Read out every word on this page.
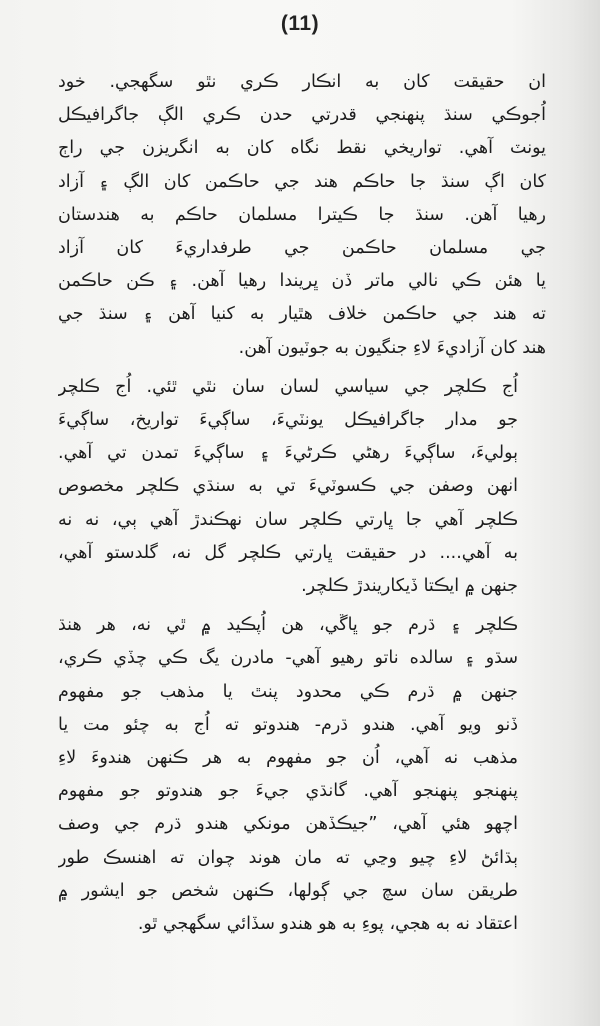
(11)
ان حقيقت کان به انڪار ڪري نٿو سگهجي. خود
اُجوڪي سنڌ پنهنجي قدرتي حدن ڪري الڳ جاگرافيڪل
يونٽ آهي. تواريخي نقط نگاه کان به انگريزن جي راڄ
کان اڳ سنڌ جا حاڪم هند جي حاڪمن کان الڳ ۽ آزاد
رهيا آهن. سنڌ جا ڪيترا مسلمان حاڪم به هندستان
جي مسلمان حاڪمن جي طرفداريءَ کان آزاد
يا هئن ڪي نالي ماتر ڏن ڀريندا رهيا آهن. ۽ ڪن حاڪمن
ته هند جي حاڪمن خلاف هٿيار به کنيا آهن ۽ سنڌ جي
هند کان آزاديءَ لاءِ جنگيون به جوٽيون آهن.
اُج ڪلچر جي سياسي لسان سان نٿي ٿئي. اُج ڪلچر
جو مدار جاگرافيڪل يونٽيءَ، ساڳيءَ تواريخ، ساڳيءَ
ٻوليءَ، ساڳيءَ رهڻي ڪرڻيءَ ۽ ساڳيءَ تمدن تي آهي.
انهن وصفن جي ڪسوٽيءَ تي به سنڌي ڪلچر مخصوص
ڪلچر آهي جا ڀارتي ڪلچر سان نهڪندڙ آهي ٻي، نه نه
به آهي.... در حقيقت ڀارتي ڪلچر گل نه، گلدستو آهي،
جنهن ۾ ايڪتا ڏيکاريندڙ ڪلچر.
ڪلچر ۽ ڌرم جو ڀاڱي، هن اُپڪيد ۾ ٿي نه، هر هنڌ
سڌو ۽ سالده ناتو رهيو آهي- مادرن يگ ڪي چڏي ڪري،
جنهن ۾ ڌرم ڪي محدود پنٿ يا مذهب جو مفهوم
ڏنو ويو آهي. هندو ڌرم- هندوتو ته اُج به چئو مت يا
مذهب نه آهي، اُن جو مفهوم به هر ڪنهن هندوءَ لاءِ
پنهنجو پنهنجو آهي. گانڌي جيءَ جو هندوتو جو مفهوم
اچهو هئي آهي، ”جيڪڏهن مونکي هندو ڌرم جي وصف
ٻڌائڻ لاءِ چيو وڃي ته مان هوند چوان ته اهنسڪ طور
طريقن سان سچ جي ڳولها، ڪنهن شخص جو ايشور ۾
اعتقاد نه به هجي، پوءِ به هو هندو سڏائي سگهجي ٿو.
